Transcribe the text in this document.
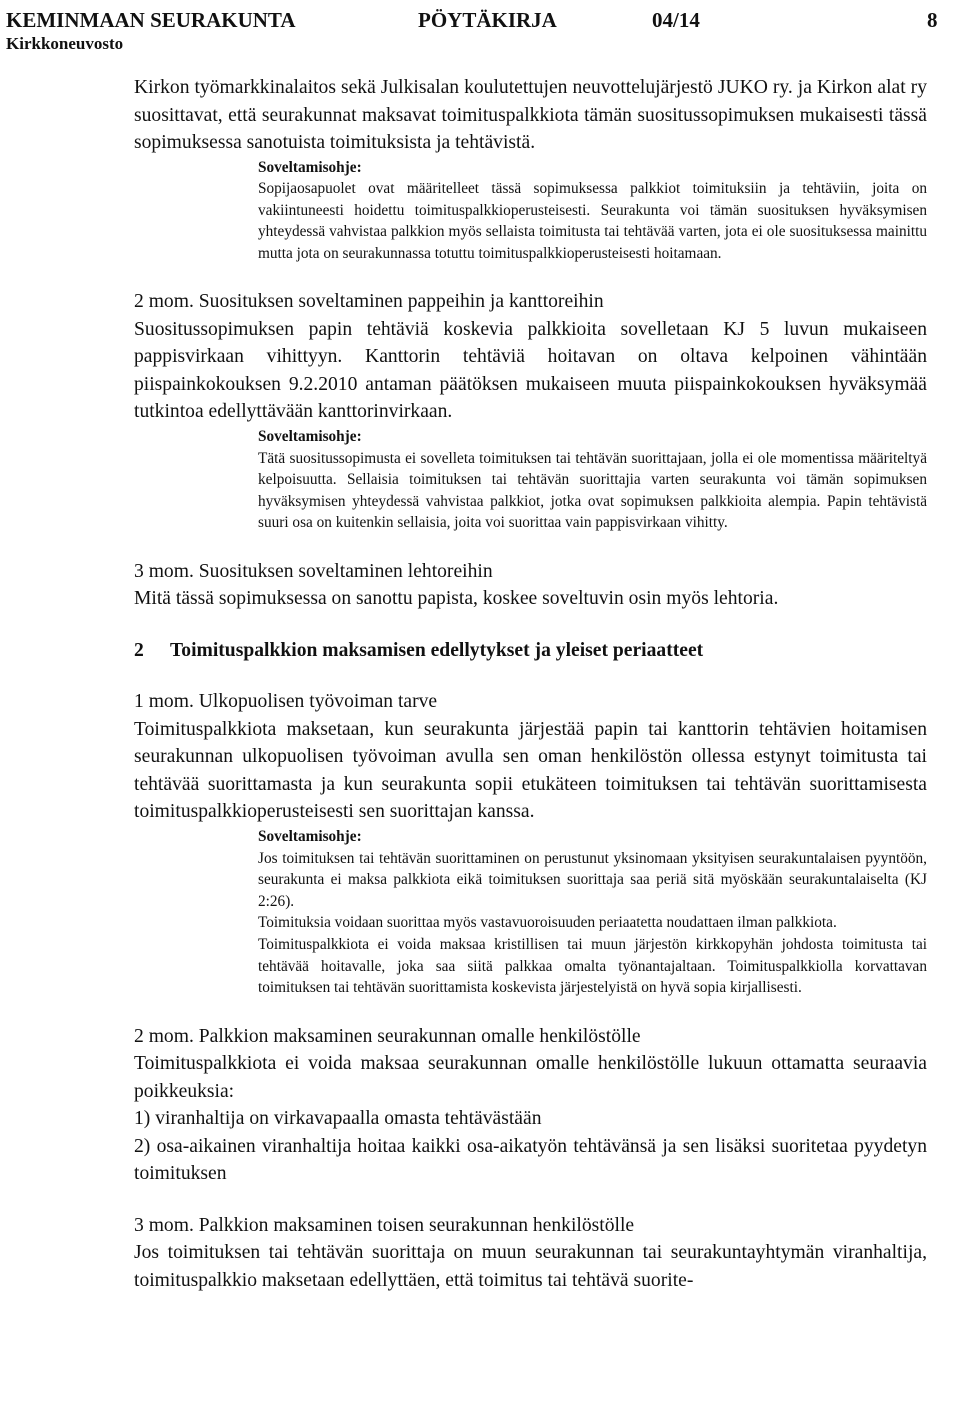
KEMINMAAN SEURAKUNTA	PÖYTÄKIRJA	04/14	8
Kirkkoneuvosto

Kirkon työmarkkinalaitos sekä Julkisalan koulutettujen neuvottelujärjestö JUKO ry. ja Kirkon alat ry suosittavat, että seurakunnat maksavat toimituspalkkiota tämän suositussopimuksen mukaisesti tässä sopimuksessa sanotuista toimituksista ja tehtävistä.

Soveltamisohje:

Sopijaosapuolet ovat määritelleet tässä sopimuksessa palkkiot toimituksiin ja tehtäviin, joita on vakiintuneesti hoidettu toimituspalkkioperusteisesti. Seurakunta voi tämän suosituksen hyväksymisen yhteydessä vahvistaa palkkion myös sellaista toimitusta tai tehtävää varten, jota ei ole suosituksessa mainittu mutta jota on seurakunnassa totuttu toimituspalkkioperusteisesti hoitamaan.

2 mom. Suosituksen soveltaminen pappeihin ja kanttoreihin

Suositussopimuksen papin tehtäviä koskevia palkkioita sovelletaan KJ 5 luvun mukaiseen pappisvirkaan vihittyyn. Kanttorin tehtäviä hoitavan on oltava kelpoinen vähintään piispainkokouksen 9.2.2010 antaman päätöksen mukaiseen muuta piispainkokouksen hyväksymää tutkintoa edellyttävään kanttorinvirkaan.

Soveltamisohje:

Tätä suositussopimusta ei sovelleta toimituksen tai tehtävän suorittajaan, jolla ei ole momentissa määriteltyä kelpoisuutta. Sellaisia toimituksen tai tehtävän suorittajia varten seurakunta voi tämän sopimuksen hyväksymisen yhteydessä vahvistaa palkkiot, jotka ovat sopimuksen palkkioita alempia. Papin tehtävistä suuri osa on kuitenkin sellaisia, joita voi suorittaa vain pappisvirkaan vihitty.

3 mom. Suosituksen soveltaminen lehtoreihin

Mitä tässä sopimuksessa on sanottu papista, koskee soveltuvin osin myös lehtoria.

2 Toimituspalkkion maksamisen edellytykset ja yleiset periaatteet

1 mom. Ulkopuolisen työvoiman tarve

Toimituspalkkiota maksetaan, kun seurakunta järjestää papin tai kanttorin tehtävien hoitamisen seurakunnan ulkopuolisen työvoiman avulla sen oman henkilöstön ollessa estynyt toimitusta tai tehtävää suorittamasta ja kun seurakunta sopii etukäteen toimituksen tai tehtävän suorittamisesta toimituspalkkioperusteisesti sen suorittajan kanssa.

Soveltamisohje:

Jos toimituksen tai tehtävän suorittaminen on perustunut yksinomaan yksityisen seurakuntalaisen pyyntöön, seurakunta ei maksa palkkiota eikä toimituksen suorittaja saa periä sitä myöskään seurakuntalaiselta (KJ 2:26).

Toimituksia voidaan suorittaa myös vastavuoroisuuden periaatetta noudattaen ilman palkkiota.

Toimituspalkkiota ei voida maksaa kristillisen tai muun järjestön kirkkopyhän johdosta toimitusta tai tehtävää hoitavalle, joka saa siitä palkkaa omalta työnantajaltaan. Toimituspalkkiolla korvattavan toimituksen tai tehtävän suorittamista koskevista järjestelyistä on hyvä sopia kirjallisesti.

2 mom. Palkkion maksaminen seurakunnan omalle henkilöstölle

Toimituspalkkiota ei voida maksaa seurakunnan omalle henkilöstölle lukuun ottamatta seuraavia poikkeuksia:

1) viranhaltija on virkavapaalla omasta tehtävästään

2) osa-aikainen viranhaltija hoitaa kaikki osa-aikatyön tehtävänsä ja sen lisäksi suoritetaa pyydetyn toimituksen

3 mom. Palkkion maksaminen toisen seurakunnan henkilöstölle

Jos toimituksen tai tehtävän suorittaja on muun seurakunnan tai seurakuntayhtymän viranhaltija, toimituspalkkio maksetaan edellyttäen, että toimitus tai tehtävä suorite-
